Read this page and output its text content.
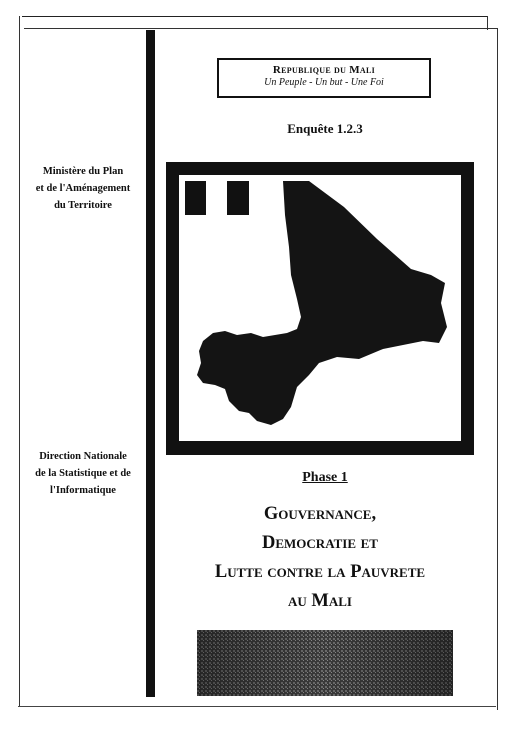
Ministère du Plan
et de l'Aménagement
du Territoire
Direction Nationale
de la Statistique et de
l'Informatique
Republique du Mali
Un Peuple - Un but - Une Foi
Enquête 1.2.3
Phase 1
Gouvernance,
Democratie et
Lutte contre la Pauvrete
au Mali
